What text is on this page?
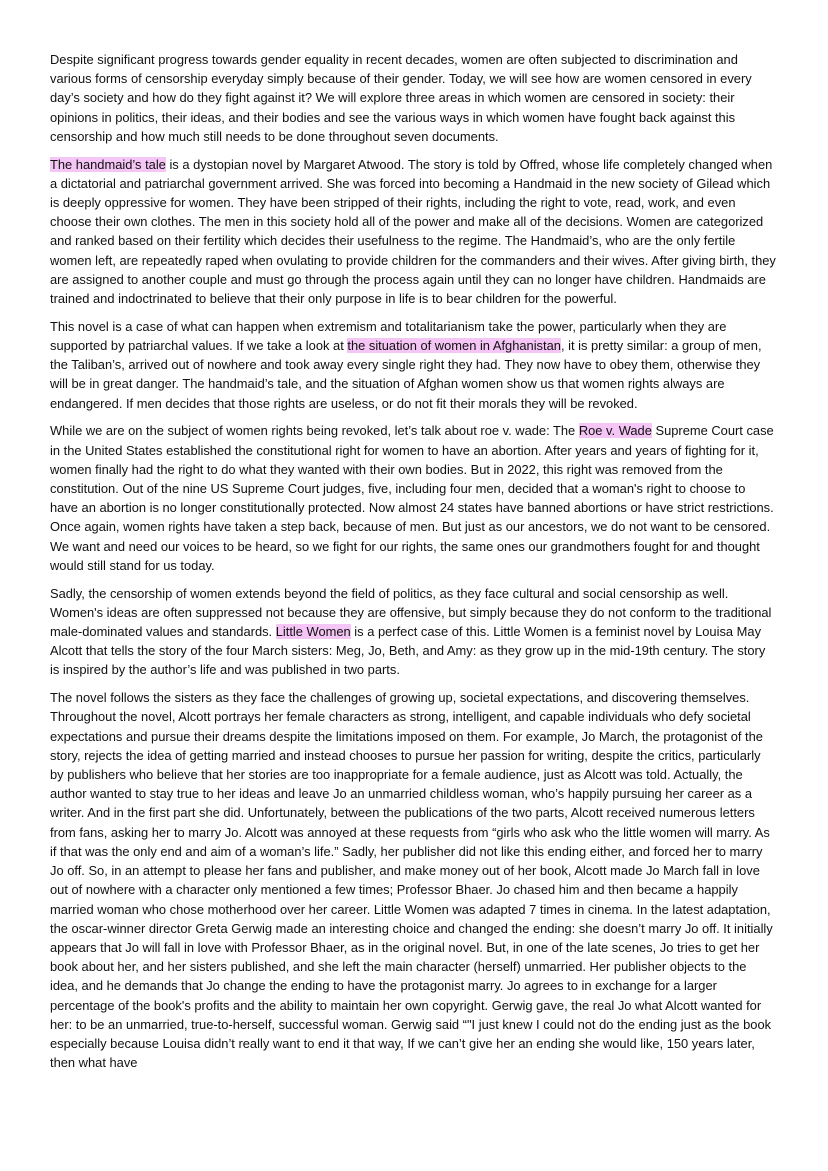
Despite significant progress towards gender equality in recent decades, women are often subjected to discrimination and various forms of censorship everyday simply because of their gender. Today, we will see how are women censored in every day’s society and how do they fight against it? We will explore three areas in which women are censored in society: their opinions in politics, their ideas, and their bodies and see the various ways in which women have fought back against this censorship and how much still needs to be done throughout seven documents.

The handmaid’s tale is a dystopian novel by Margaret Atwood. The story is told by Offred, whose life completely changed when a dictatorial and patriarchal government arrived. She was forced into becoming a Handmaid in the new society of Gilead which is deeply oppressive for women. They have been stripped of their rights, including the right to vote, read, work, and even choose their own clothes. The men in this society hold all of the power and make all of the decisions. Women are categorized and ranked based on their fertility which decides their usefulness to the regime. The Handmaid’s, who are the only fertile women left, are repeatedly raped when ovulating to provide children for the commanders and their wives. After giving birth, they are assigned to another couple and must go through the process again until they can no longer have children. Handmaids are trained and indoctrinated to believe that their only purpose in life is to bear children for the powerful.

This novel is a case of what can happen when extremism and totalitarianism take the power, particularly when they are supported by patriarchal values. If we take a look at the situation of women in Afghanistan, it is pretty similar: a group of men, the Taliban’s, arrived out of nowhere and took away every single right they had. They now have to obey them, otherwise they will be in great danger. The handmaid’s tale, and the situation of Afghan women show us that women rights always are endangered. If men decides that those rights are useless, or do not fit their morals they will be revoked.

While we are on the subject of women rights being revoked, let’s talk about roe v. wade: The Roe v. Wade Supreme Court case in the United States established the constitutional right for women to have an abortion. After years and years of fighting for it, women finally had the right to do what they wanted with their own bodies. But in 2022, this right was removed from the constitution. Out of the nine US Supreme Court judges, five, including four men, decided that a woman's right to choose to have an abortion is no longer constitutionally protected. Now almost 24 states have banned abortions or have strict restrictions. Once again, women rights have taken a step back, because of men. But just as our ancestors, we do not want to be censored. We want and need our voices to be heard, so we fight for our rights, the same ones our grandmothers fought for and thought would still stand for us today.

Sadly, the censorship of women extends beyond the field of politics, as they face cultural and social censorship as well. Women's ideas are often suppressed not because they are offensive, but simply because they do not conform to the traditional male-dominated values and standards. Little Women is a perfect case of this. Little Women is a feminist novel by Louisa May Alcott that tells the story of the four March sisters: Meg, Jo, Beth, and Amy: as they grow up in the mid-19th century. The story is inspired by the author’s life and was published in two parts.

The novel follows the sisters as they face the challenges of growing up, societal expectations, and discovering themselves. Throughout the novel, Alcott portrays her female characters as strong, intelligent, and capable individuals who defy societal expectations and pursue their dreams despite the limitations imposed on them. For example, Jo March, the protagonist of the story, rejects the idea of getting married and instead chooses to pursue her passion for writing, despite the critics, particularly by publishers who believe that her stories are too inappropriate for a female audience, just as Alcott was told. Actually, the author wanted to stay true to her ideas and leave Jo an unmarried childless woman, who’s happily pursuing her career as a writer. And in the first part she did. Unfortunately, between the publications of the two parts, Alcott received numerous letters from fans, asking her to marry Jo. Alcott was annoyed at these requests from “girls who ask who the little women will marry. As if that was the only end and aim of a woman’s life.” Sadly, her publisher did not like this ending either, and forced her to marry Jo off. So, in an attempt to please her fans and publisher, and make money out of her book, Alcott made Jo March fall in love out of nowhere with a character only mentioned a few times; Professor Bhaer. Jo chased him and then became a happily married woman who chose motherhood over her career. Little Women was adapted 7 times in cinema. In the latest adaptation, the oscar-winner director Greta Gerwig made an interesting choice and changed the ending: she doesn’t marry Jo off. It initially appears that Jo will fall in love with Professor Bhaer, as in the original novel. But, in one of the late scenes, Jo tries to get her book about her, and her sisters published, and she left the main character (herself) unmarried. Her publisher objects to the idea, and he demands that Jo change the ending to have the protagonist marry. Jo agrees to in exchange for a larger percentage of the book's profits and the ability to maintain her own copyright. Gerwig gave, the real Jo what Alcott wanted for her: to be an unmarried, true-to-herself, successful woman. Gerwig said “"I just knew I could not do the ending just as the book especially because Louisa didn’t really want to end it that way, If we can’t give her an ending she would like, 150 years later, then what have
